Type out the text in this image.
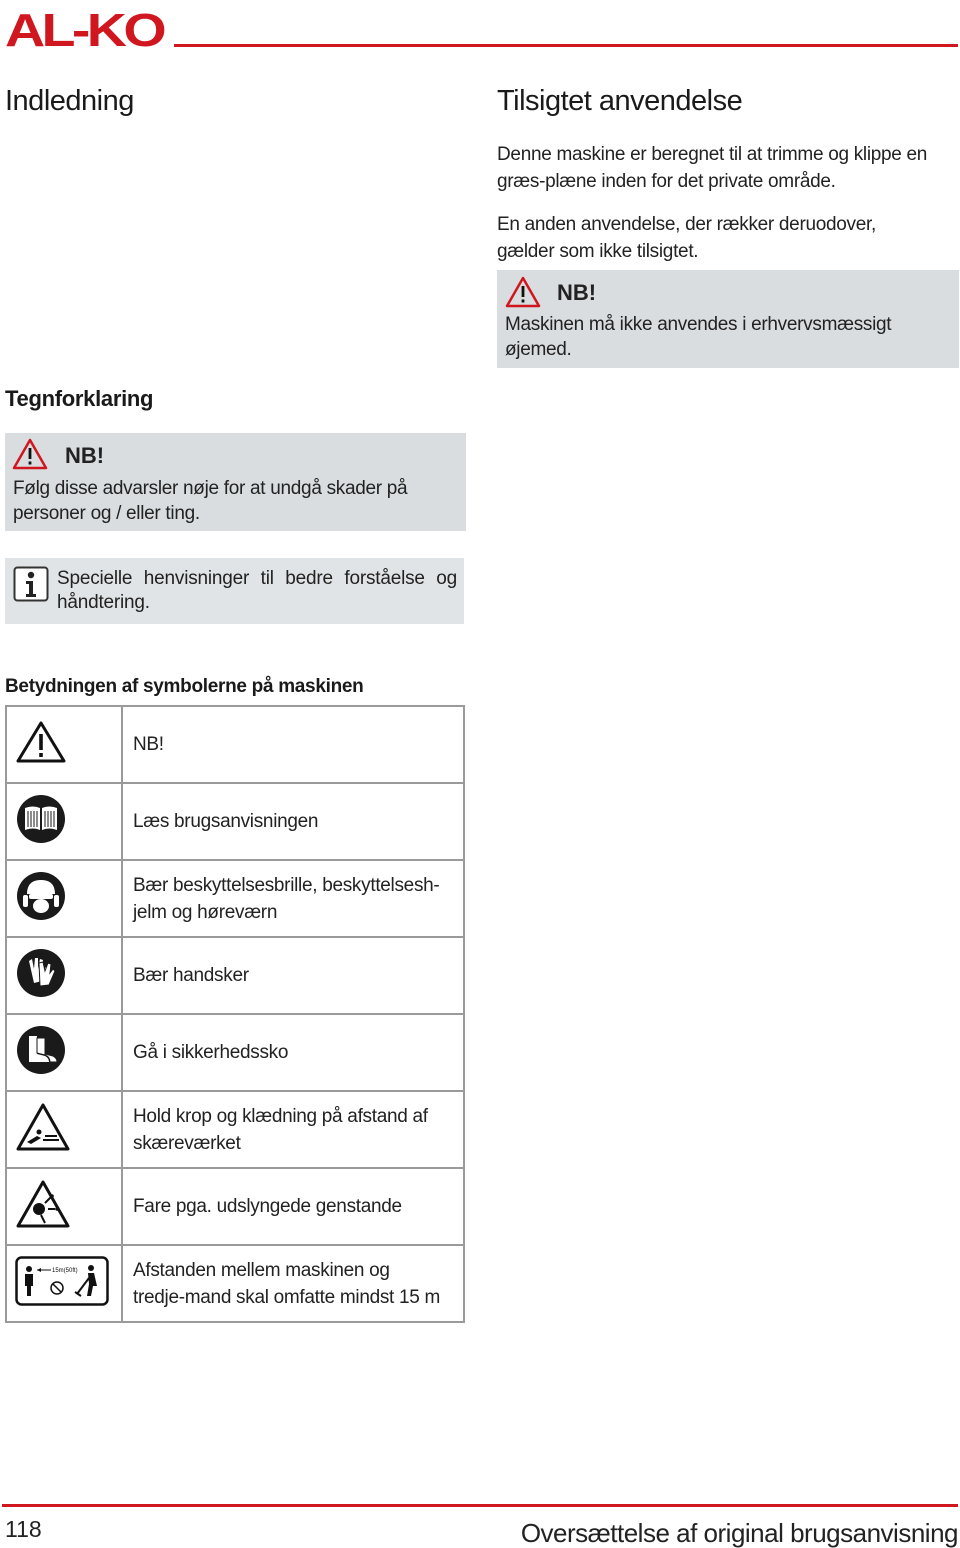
AL-KO
Indledning	Tilsigtet anvendelse
Denne maskine er beregnet til at trimme og klippe en græs-plæne inden for det private område.
En anden anvendelse, der rækker deruodover, gælder som ikke tilsigtet.
NB!
Maskinen må ikke anvendes i erhvervsmæssigt øjemed.
Tegnforklaring
NB!
Følg disse advarsler nøje for at undgå skader på personer og / eller ting.
Specielle henvisninger til bedre forståelse og håndtering.
Betydningen af symbolerne på maskinen
	NB!
	Læs brugsanvisningen
	Bær beskyttelsesbrille, beskyttelsesh-jelm og høreværn
	Bær handsker
	Gå i sikkerhedssko
	Hold krop og klædning på afstand af skæreværket
	Fare pga. udslyngede genstande

15m(50ft)	Afstanden mellem maskinen og tredje-mand skal omfatte mindst 15 m
118	Oversættelse af original brugsanvisning
